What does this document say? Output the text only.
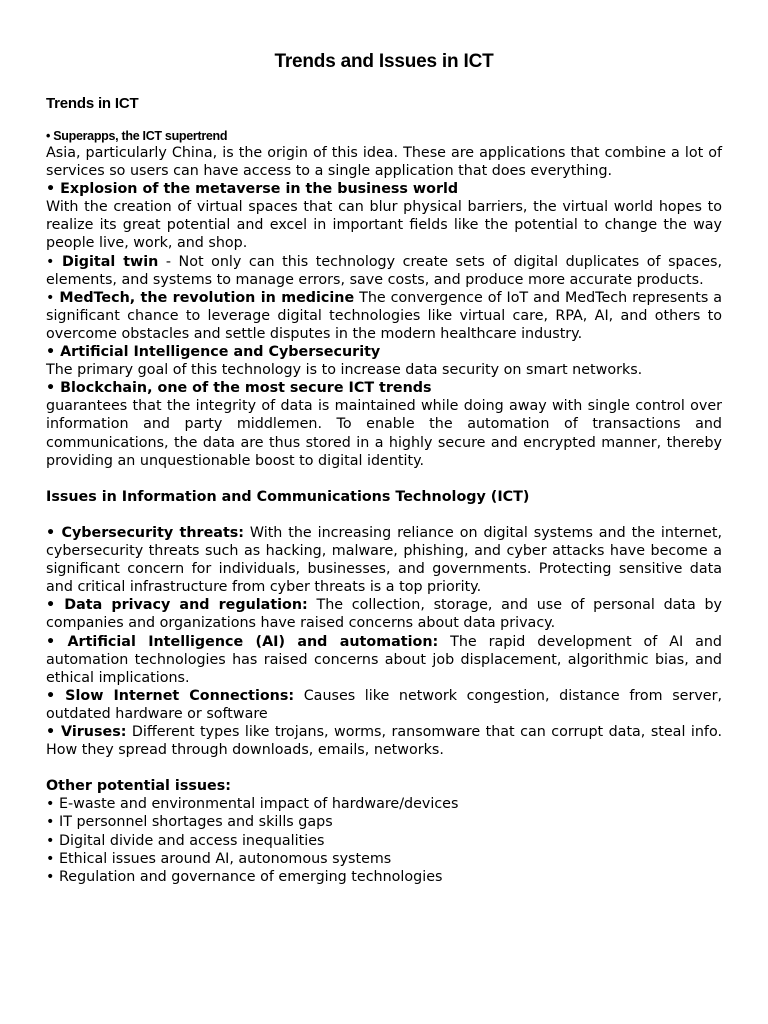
Trends and Issues in ICT
Trends in ICT
• Superapps, the ICT supertrend

Asia, particularly China, is the origin of this idea. These are applications that combine a lot of services so users can have access to a single application that does everything.

• Explosion of the metaverse in the business world

With the creation of virtual spaces that can blur physical barriers, the virtual world hopes to realize its great potential and excel in important fields like the potential to change the way people live, work, and shop.

• Digital twin - Not only can this technology create sets of digital duplicates of spaces, elements, and systems to manage errors, save costs, and produce more accurate products.

• MedTech, the revolution in medicine The convergence of IoT and MedTech represents a significant chance to leverage digital technologies like virtual care, RPA, AI, and others to overcome obstacles and settle disputes in the modern healthcare industry.

• Artificial Intelligence and Cybersecurity

The primary goal of this technology is to increase data security on smart networks.

• Blockchain, one of the most secure ICT trends

guarantees that the integrity of data is maintained while doing away with single control over information and party middlemen. To enable the automation of transactions and communications, the data are thus stored in a highly secure and encrypted manner, thereby providing an unquestionable boost to digital identity.

Issues in Information and Communications Technology (ICT)

• Cybersecurity threats: With the increasing reliance on digital systems and the internet, cybersecurity threats such as hacking, malware, phishing, and cyber attacks have become a significant concern for individuals, businesses, and governments. Protecting sensitive data and critical infrastructure from cyber threats is a top priority.

• Data privacy and regulation: The collection, storage, and use of personal data by companies and organizations have raised concerns about data privacy.

• Artificial Intelligence (AI) and automation: The rapid development of AI and automation technologies has raised concerns about job displacement, algorithmic bias, and ethical implications.

• Slow Internet Connections: Causes like network congestion, distance from server, outdated hardware or software

• Viruses: Different types like trojans, worms, ransomware that can corrupt data, steal info. How they spread through downloads, emails, networks.

Other potential issues:

• E-waste and environmental impact of hardware/devices
• IT personnel shortages and skills gaps
• Digital divide and access inequalities
• Ethical issues around AI, autonomous systems
• Regulation and governance of emerging technologies
